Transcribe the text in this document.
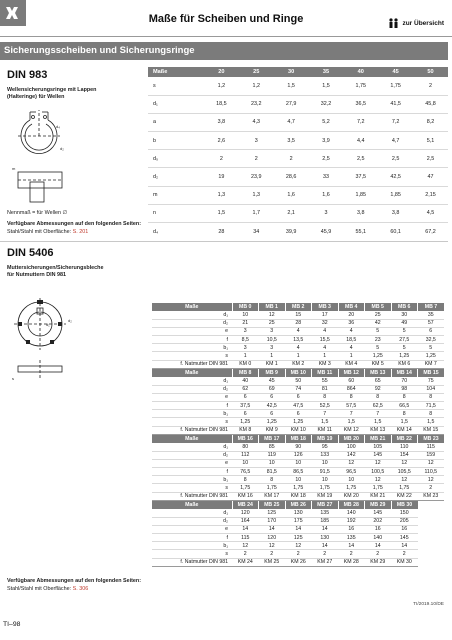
Maße für Scheiben und Ringe	zur Übersicht
Sicherungsscheiben und Sicherungsringe
DIN 983
Wellensicherungsringe mit Lappen
(Halteringe) für Wellen
d₄
d₂
m
Nennmaß = für Wellen ∅
Verfügbare Abmessungen auf den folgenden Seiten:
Stahl/Stahl mit Oberfläche: S. 201
Maße	20	25	30	35	40	45	50
s	1,2	1,2	1,5	1,5	1,75	1,75	2
d₁	18,5	23,2	27,9	32,2	36,5	41,5	45,8
a	3,8	4,3	4,7	5,2	7,2	7,2	8,2
b	2,6	3	3,5	3,9	4,4	4,7	5,1
d₅	2	2	2	2,5	2,5	2,5	2,5
d₂	19	23,9	28,6	33	37,5	42,5	47
m	1,3	1,3	1,6	1,6	1,85	1,85	2,15
n	1,5	1,7	2,1	3	3,8	3,8	4,5
d₄	28	34	39,9	45,9	55,1	60,1	67,2
DIN 5406
Muttersicherungen/Sicherungsbleche
für Nutmuttern DIN 981
d₂
d₁
s
Maße	MB 0	MB 1	MB 2	MB 3	MB 4	MB 5	MB 6	MB 7
d₁	10	12	15	17	20	25	30	35
d₂	21	25	28	32	36	42	49	57
e	3	3	4	4	4	5	5	6
f	8,5	10,5	13,5	15,5	18,5	23	27,5	32,5
b₁	3	3	4	4	4	5	5	5
s	1	1	1	1	1	1,25	1,25	1,25
f. Natmutter DIN 981	KM 0	KM 1	KM 2	KM 3	KM 4	KM 5	KM 6	KM 7
Maße	MB 8	MB 9	MB 10	MB 11	MB 12	MB 13	MB 14	MB 15
d₁	40	45	50	55	60	65	70	75
d₂	62	69	74	81	864	92	98	104
e	6	6	6	8	8	8	8	8
f	37,5	42,5	47,5	52,5	57,5	62,5	66,5	71,5
b₁	6	6	6	7	7	7	8	8
s	1,25	1,25	1,25	1,5	1,5	1,5	1,5	1,5
f. Natmutter DIN 981	KM 8	KM 9	KM 10	KM 11	KM 12	KM 13	KM 14	KM 15
Maße	MB 16	MB 17	MB 18	MB 19	MB 20	MB 21	MB 22	MB 23
d₁	80	85	90	95	100	105	110	115
d₂	112	119	126	133	142	145	154	159
e	10	10	10	10	12	12	12	12
f	76,5	81,5	86,5	91,5	96,5	100,5	105,5	110,5
b₁	8	8	10	10	10	12	12	12
s	1,75	1,75	1,75	1,75	1,75	1,75	1,75	2
f. Natmutter DIN 981	KM 16	KM 17	KM 18	KM 19	KM 20	KM 21	KM 22	KM 23
Maße	MB 24	MB 25	MB 26	MB 27	MB 28	MB 29	MB 30
d₁	120	125	130	135	140	145	150
d₂	164	170	175	185	192	202	205
e	14	14	14	14	16	16	16
f	115	120	125	130	135	140	145
b₁	12	12	12	14	14	14	14
s	2	2	2	2	2	2	2
f. Natmutter DIN 981	KM 24	KM 25	KM 26	KM 27	KM 28	KM 29	KM 30
Verfügbare Abmessungen auf den folgenden Seiten:
Stahl/Stahl mit Oberfläche: S. 306
TI/2019.10/DE
TI–98
